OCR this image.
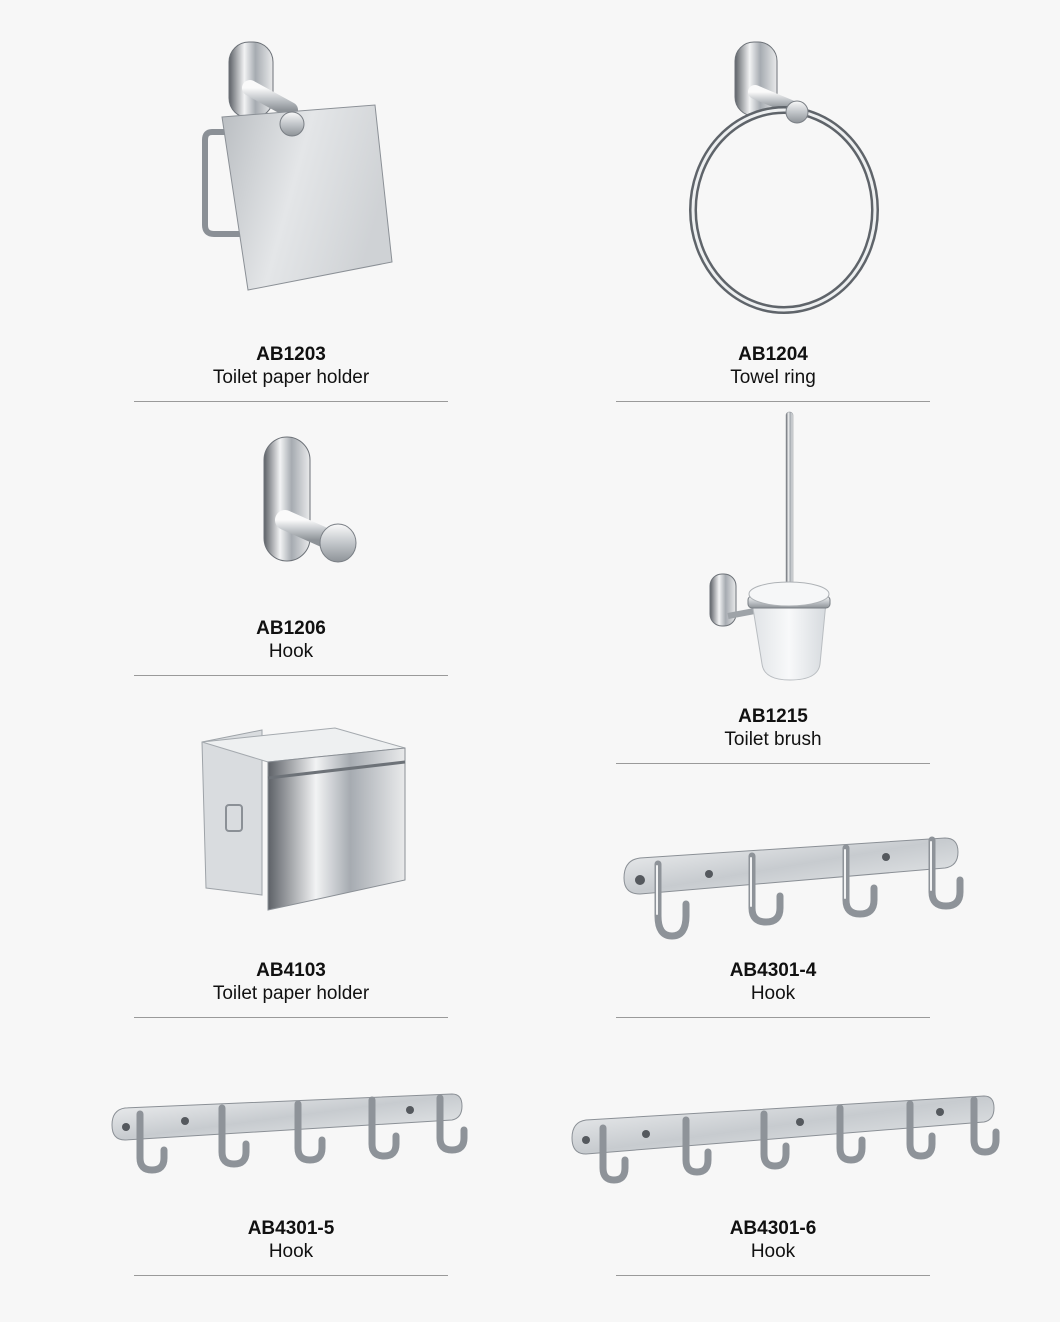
AB1203
Toilet paper holder
AB1204
Towel ring
AB1206
Hook
AB1215
Toilet brush
AB4103
Toilet paper holder
AB4301-4
Hook
AB4301-5
Hook
AB4301-6
Hook
